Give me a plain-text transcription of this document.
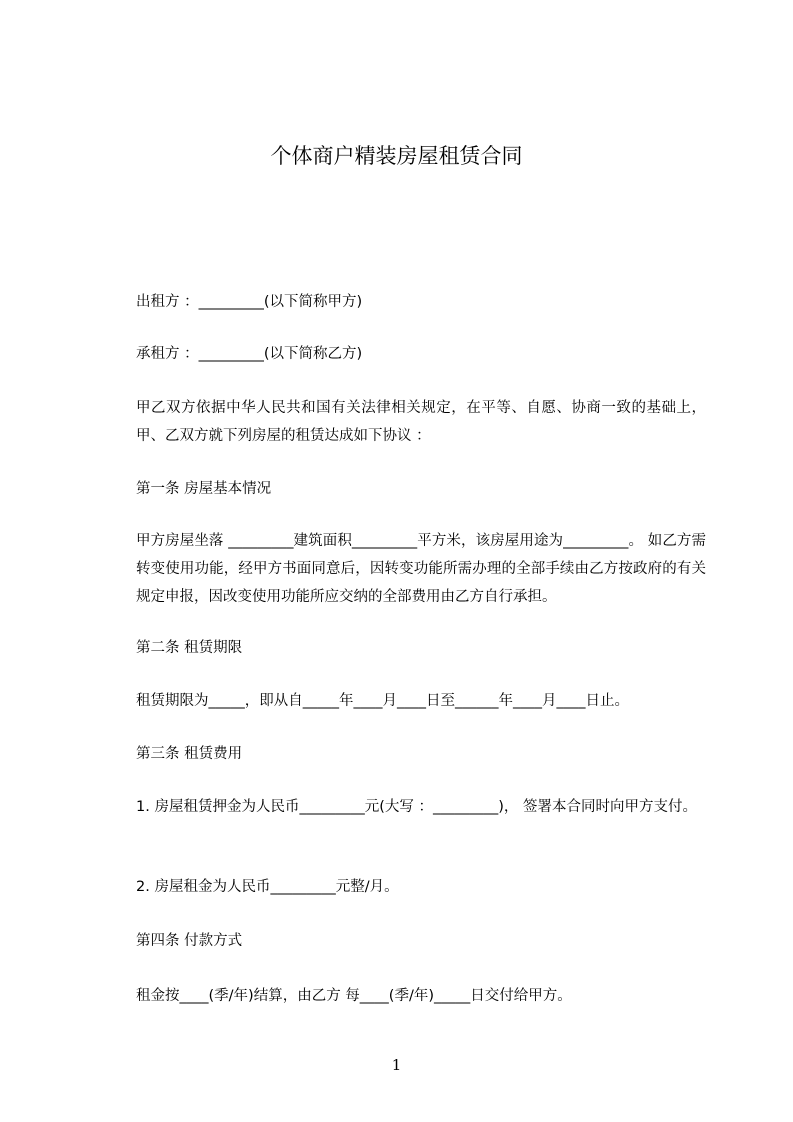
个体商户精装房屋租赁合同

出租方 ：_________(以下简称甲方)

承租方 ：_________(以下简称乙方)

甲乙双方依据中华人民共和国有关法律相关规定，在平等、自愿、协商一致的基础上，甲、乙双方就下列房屋的租赁达成如下协议 ：

第一条 房屋基本情况

甲方房屋坐落 _________建筑面积_________平方米，该房屋用途为_________。 如乙方需转变使用功能，经甲方书面同意后，因转变功能所需办理的全部手续由乙方按政府的有关规定申报，因改变使用功能所应交纳的全部费用由乙方自行承担。

第二条 租赁期限

租赁期限为_____，即从自_____年____月____日至______年____月____日止。

第三条 租赁费用

1. 房屋租赁押金为人民币_________元(大写 ：_________)， 签署本合同时向甲方支付。

2. 房屋租金为人民币_________元整/月。

第四条 付款方式

租金按____(季/年)结算，由乙方 每____(季/年)_____日交付给甲方。

1
